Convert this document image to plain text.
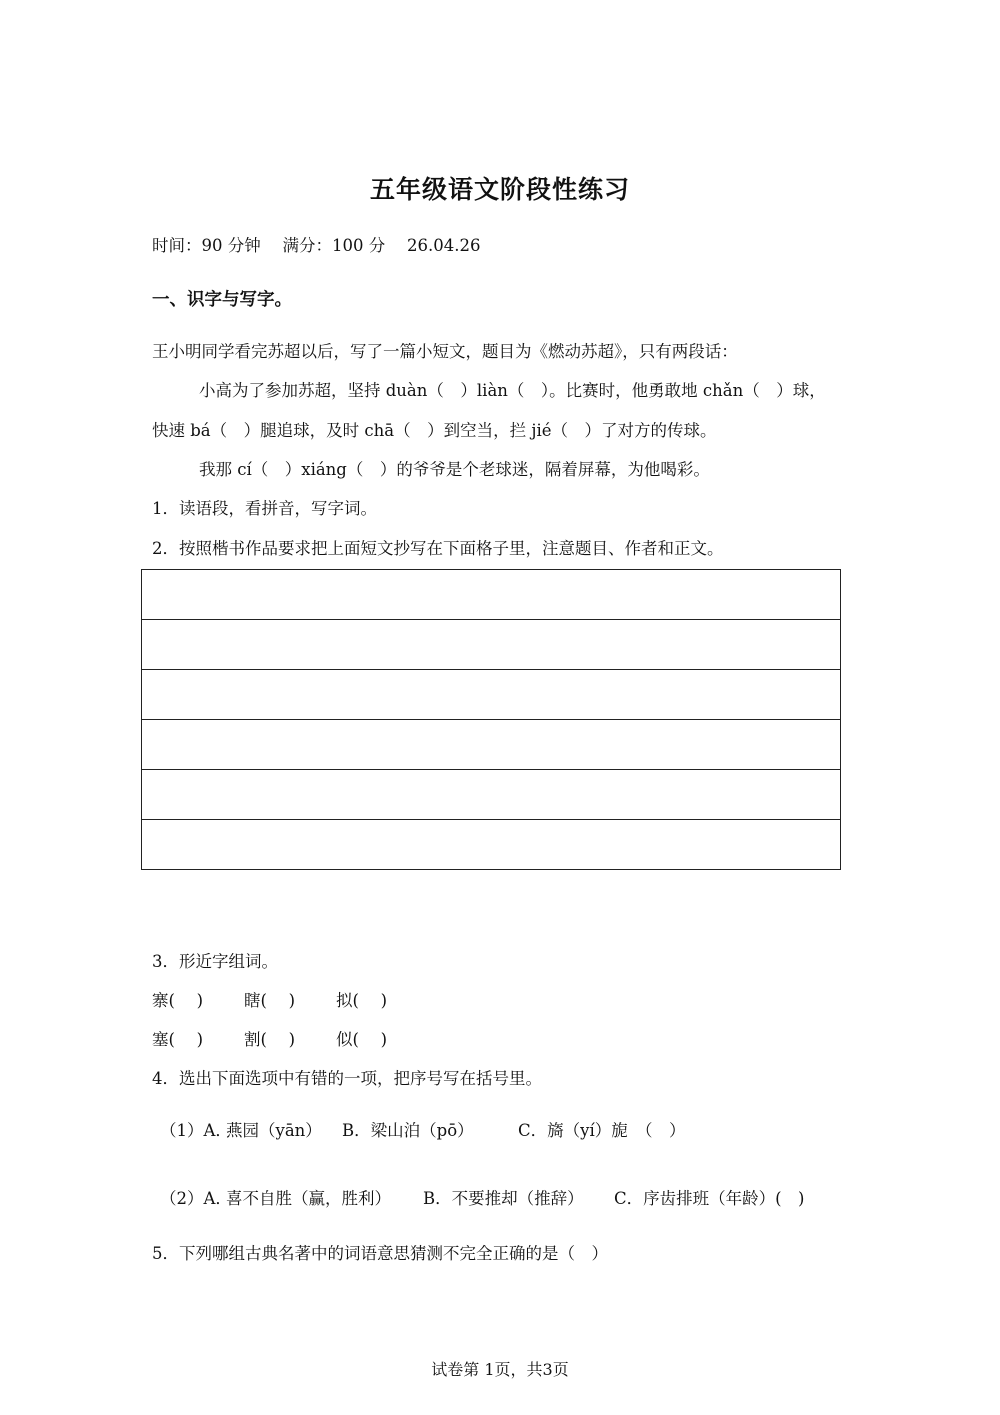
五年级语文阶段性练习
时间：90 分钟　 满分：100 分　 26.04.26
一、识字与写字。
王小明同学看完苏超以后，写了一篇小短文，题目为《燃动苏超》，只有两段话：
小高为了参加苏超，坚持 duàn（　）liàn（　）。比赛时，他勇敢地 chǎn（　）球，
快速 bá（　）腿追球，及时 chā（　）到空当，拦 jié（　）了对方的传球。
我那 cí（　）xiáng（　）的爷爷是个老球迷，隔着屏幕，为他喝彩。
1．读语段，看拼音，写字词。
2．按照楷书作品要求把上面短文抄写在下面格子里，注意题目、作者和正文。
3．形近字组词。
寨(　 ) 瞎(　 ) 拟(　 )
塞(　 ) 割(　 ) 似(　 )
4．选出下面选项中有错的一项，把序号写在括号里。
（1）A．
燕园（yān） B．梁山泊（pō）	C．旖（yí）旎　（　）
（2）A．
喜不自胜（赢，胜利） B．不要推却（推辞） C．序齿排班（年龄）(　)
5．下列哪组古典名著中的词语意思猜测不完全正确的是（　）
试卷第 1页，共3页
